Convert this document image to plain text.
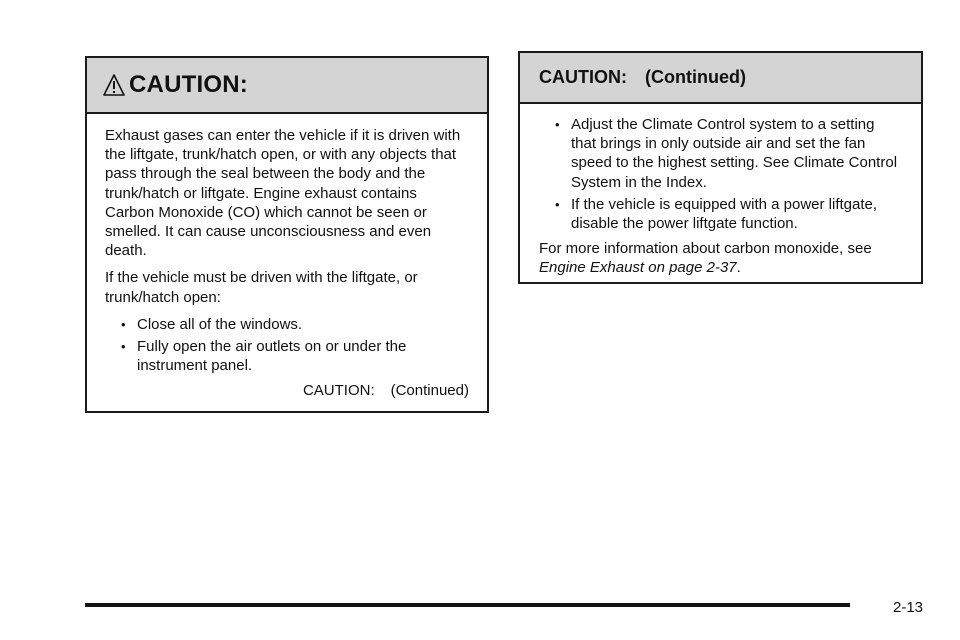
CAUTION:

Exhaust gases can enter the vehicle if it is driven with the liftgate, trunk/hatch open, or with any objects that pass through the seal between the body and the trunk/hatch or liftgate. Engine exhaust contains Carbon Monoxide (CO) which cannot be seen or smelled. It can cause unconsciousness and even death.

If the vehicle must be driven with the liftgate, or trunk/hatch open:

• Close all of the windows.
• Fully open the air outlets on or under the instrument panel.
CAUTION: (Continued)
CAUTION: (Continued)
• Adjust the Climate Control system to a setting that brings in only outside air and set the fan speed to the highest setting. See Climate Control System in the Index.
• If the vehicle is equipped with a power liftgate, disable the power liftgate function.

For more information about carbon monoxide, see
Engine Exhaust on page 2-37.

2-13
